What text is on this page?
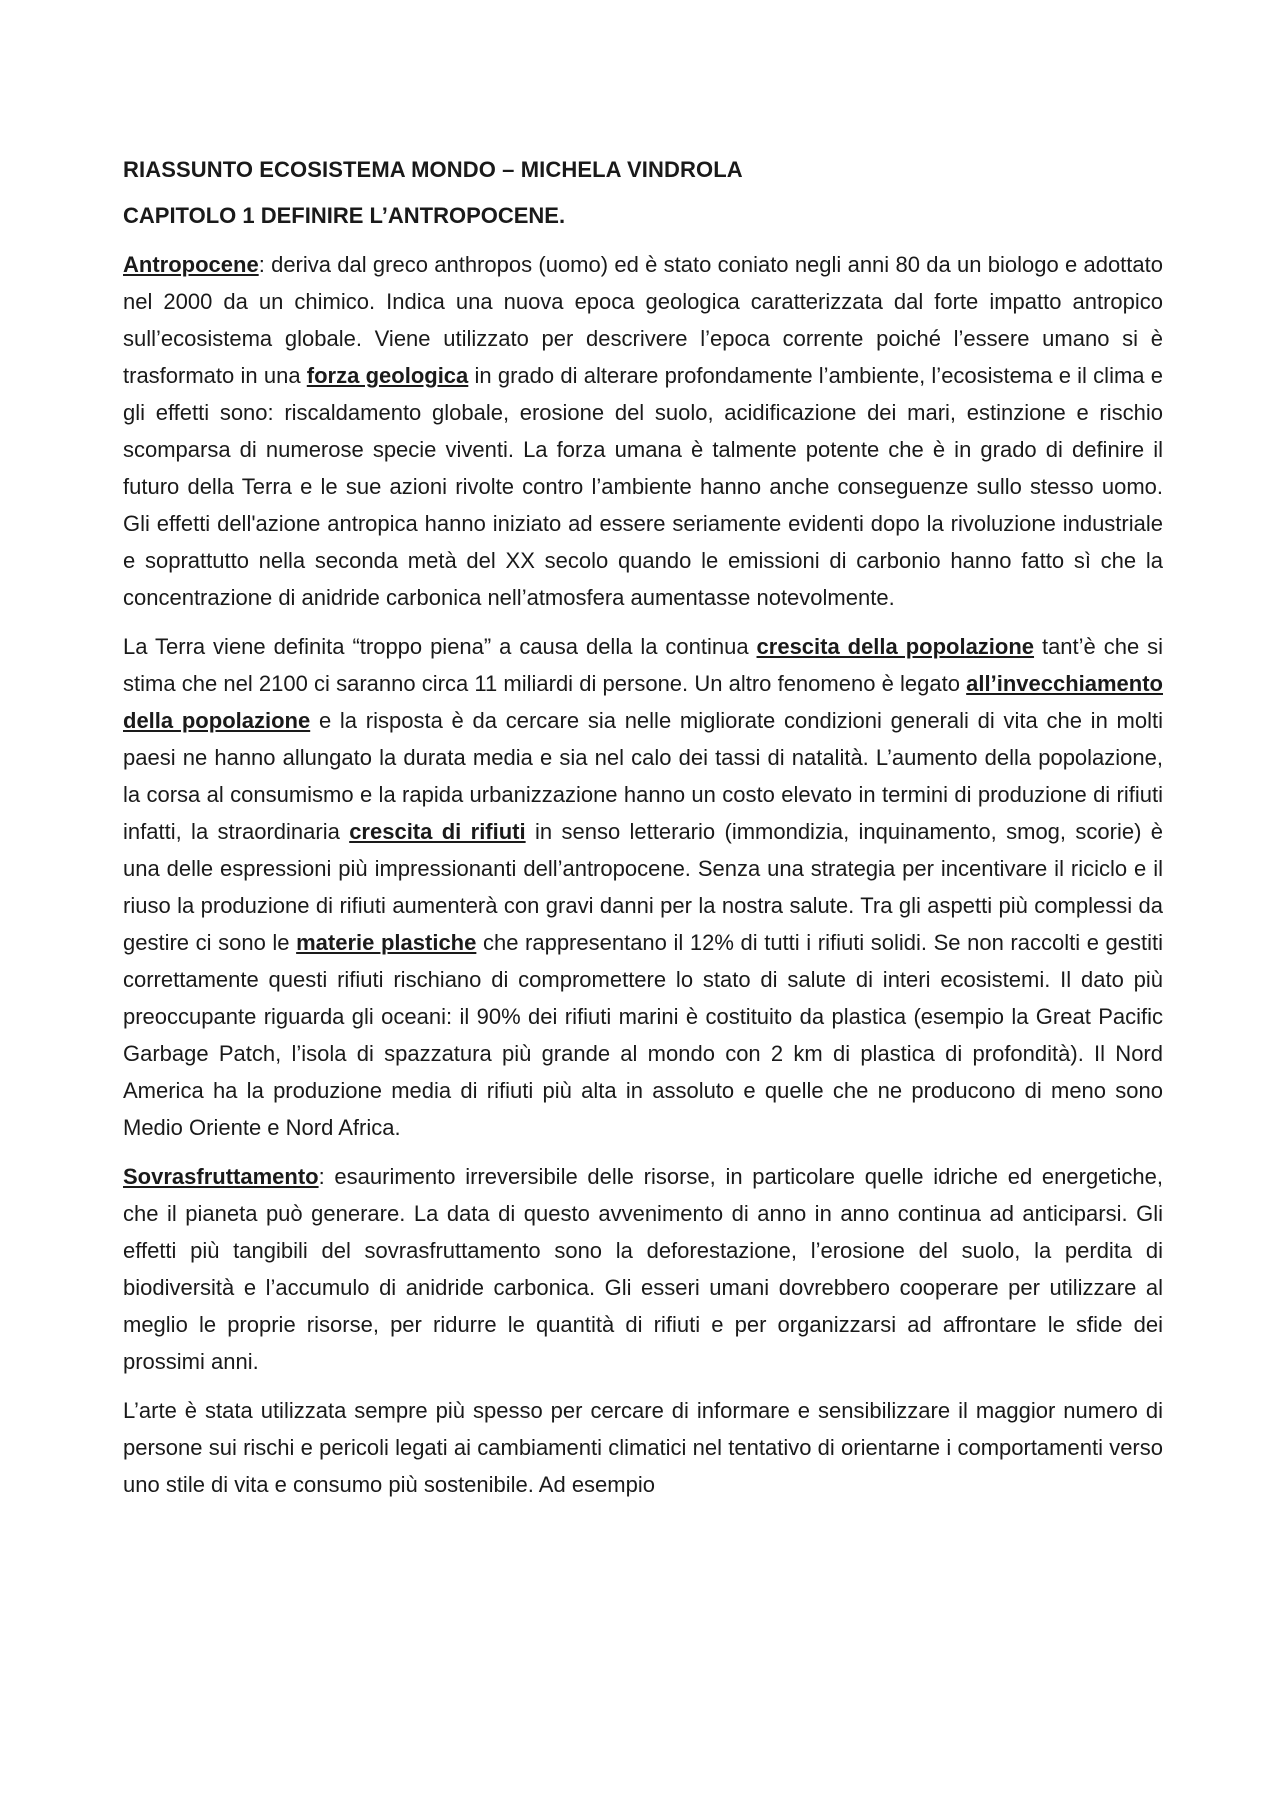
RIASSUNTO ECOSISTEMA MONDO – MICHELA VINDROLA
CAPITOLO 1 DEFINIRE L’ANTROPOCENE.

Antropocene: deriva dal greco anthropos (uomo) ed è stato coniato negli anni 80 da un biologo e adottato nel 2000 da un chimico. Indica una nuova epoca geologica caratterizzata dal forte impatto antropico sull’ecosistema globale. Viene utilizzato per descrivere l’epoca corrente poiché l’essere umano si è trasformato in una forza geologica in grado di alterare profondamente l’ambiente, l’ecosistema e il clima e gli effetti sono: riscaldamento globale, erosione del suolo, acidificazione dei mari, estinzione e rischio scomparsa di numerose specie viventi. La forza umana è talmente potente che è in grado di definire il futuro della Terra e le sue azioni rivolte contro l’ambiente hanno anche conseguenze sullo stesso uomo. Gli effetti dell'azione antropica hanno iniziato ad essere seriamente evidenti dopo la rivoluzione industriale e soprattutto nella seconda metà del XX secolo quando le emissioni di carbonio hanno fatto sì che la concentrazione di anidride carbonica nell’atmosfera aumentasse notevolmente.

La Terra viene definita “troppo piena” a causa della la continua crescita della popolazione tant’è che si stima che nel 2100 ci saranno circa 11 miliardi di persone. Un altro fenomeno è legato all’invecchiamento della popolazione e la risposta è da cercare sia nelle migliorate condizioni generali di vita che in molti paesi ne hanno allungato la durata media e sia nel calo dei tassi di natalità. L’aumento della popolazione, la corsa al consumismo e la rapida urbanizzazione hanno un costo elevato in termini di produzione di rifiuti infatti, la straordinaria crescita di rifiuti in senso letterario (immondizia, inquinamento, smog, scorie) è una delle espressioni più impressionanti dell’antropocene. Senza una strategia per incentivare il riciclo e il riuso la produzione di rifiuti aumenterà con gravi danni per la nostra salute. Tra gli aspetti più complessi da gestire ci sono le materie plastiche che rappresentano il 12% di tutti i rifiuti solidi. Se non raccolti e gestiti correttamente questi rifiuti rischiano di compromettere lo stato di salute di interi ecosistemi. Il dato più preoccupante riguarda gli oceani: il 90% dei rifiuti marini è costituito da plastica (esempio la Great Pacific Garbage Patch, l’isola di spazzatura più grande al mondo con 2 km di plastica di profondità). Il Nord America ha la produzione media di rifiuti più alta in assoluto e quelle che ne producono di meno sono Medio Oriente e Nord Africa.

Sovrasfruttamento: esaurimento irreversibile delle risorse, in particolare quelle idriche ed energetiche, che il pianeta può generare. La data di questo avvenimento di anno in anno continua ad anticiparsi. Gli effetti più tangibili del sovrasfruttamento sono la deforestazione, l’erosione del suolo, la perdita di biodiversità e l’accumulo di anidride carbonica. Gli esseri umani dovrebbero cooperare per utilizzare al meglio le proprie risorse, per ridurre le quantità di rifiuti e per organizzarsi ad affrontare le sfide dei prossimi anni.

L’arte è stata utilizzata sempre più spesso per cercare di informare e sensibilizzare il maggior numero di persone sui rischi e pericoli legati ai cambiamenti climatici nel tentativo di orientarne i comportamenti verso uno stile di vita e consumo più sostenibile. Ad esempio
